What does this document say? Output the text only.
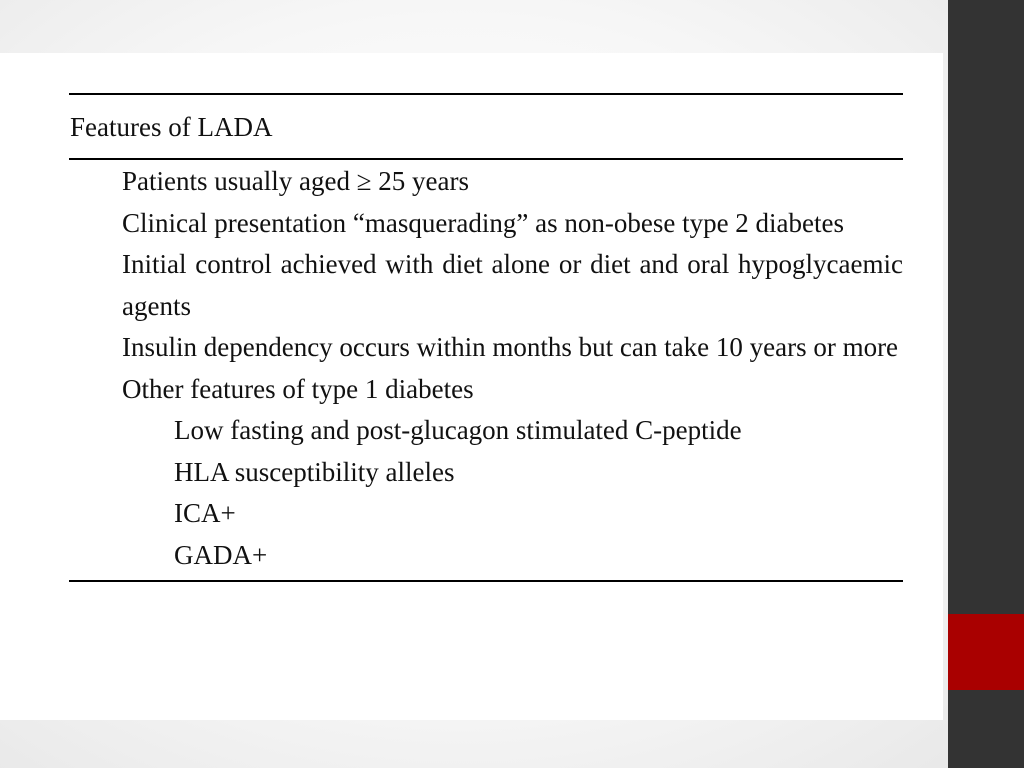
Features of LADA
Patients usually aged ≥ 25 years
Clinical presentation “masquerading” as non-obese type 2 diabetes
Initial control achieved with diet alone or diet and oral hypoglycaemic agents
Insulin dependency occurs within months but can take 10 years or more
Other features of type 1 diabetes
Low fasting and post-glucagon stimulated C-peptide
HLA susceptibility alleles
ICA+
GADA+
